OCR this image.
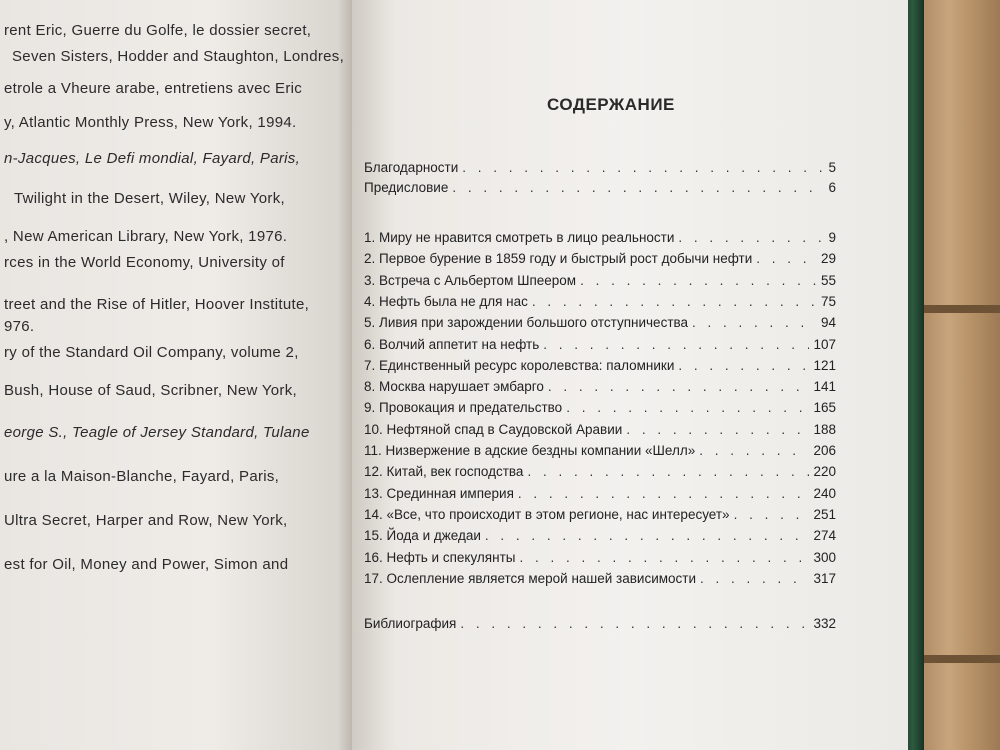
rent Eric, Guerre du Golfe, le dossier secret,
Seven Sisters, Hodder and Staughton, Londres,
etrole a Vheure arabe, entretiens avec Eric
y, Atlantic Monthly Press, New York, 1994.
n-Jacques, Le Defi mondial, Fayard, Paris,
Twilight in the Desert, Wiley, New York,
, New American Library, New York, 1976.
rces in the World Economy, University of
treet and the Rise of Hitler, Hoover Institute,
976.
ry of the Standard Oil Company, volume 2,
Bush, House of Saud, Scribner, New York,
eorge S., Teagle of Jersey Standard, Tulane
ure a la Maison-Blanche, Fayard, Paris,
Ultra Secret, Harper and Row, New York,
est for Oil, Money and Power, Simon and
СОДЕРЖАНИЕ
Благодарности . . .	5
Предисловие . . .	6
1. Миру не нравится смотреть в лицо реальности . . .	9
2. Первое бурение в 1859 году и быстрый рост добычи нефти . . .	29
3. Встреча с Альбертом Шпеером . . .	55
4. Нефть была не для нас . . .	75
5. Ливия при зарождении большого отступничества . . .	94
6. Волчий аппетит на нефть . . .	107
7. Единственный ресурс королевства: паломники . . .	121
8. Москва нарушает эмбарго . . .	141
9. Провокация и предательство . . .	165
10. Нефтяной спад в Саудовской Аравии . . .	188
11. Низвержение в адские бездны компании «Шелл» . . .	206
12. Китай, век господства . . .	220
13. Срединная империя . . .	240
14. «Все, что происходит в этом регионе, нас интересует» . . .	251
15. Йода и джедаи . . .	274
16. Нефть и спекулянты . . .	300
17. Ослепление является мерой нашей зависимости . . .	317
Библиография . . .	332
